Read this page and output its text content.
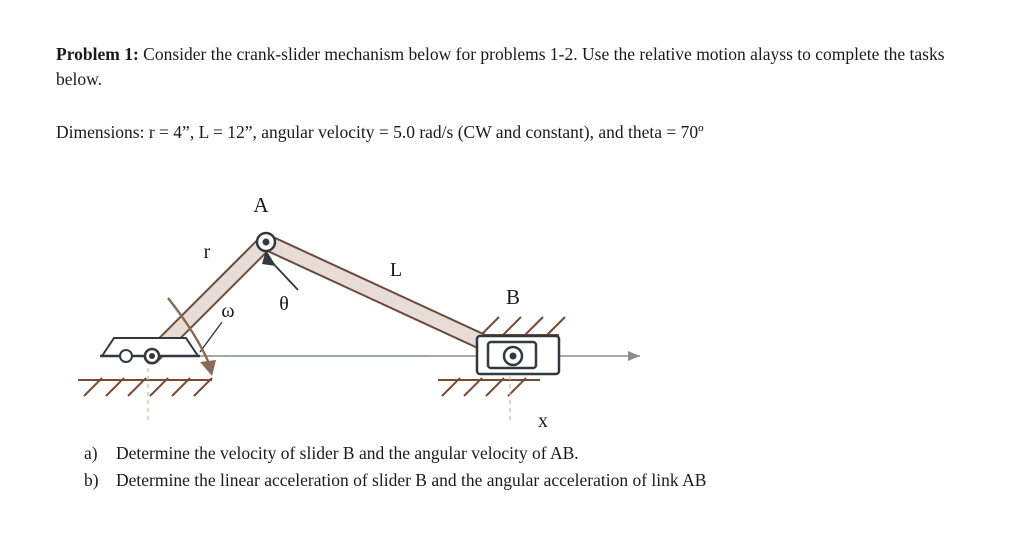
Problem 1: Consider the crank-slider mechanism below for problems 1-2. Use the relative motion alayss to complete the tasks below.
Dimensions: r = 4”, L = 12”, angular velocity = 5.0 rad/s (CW and constant), and theta = 70º
A
B
r
L
ω θ
x
a)	Determine the velocity of slider B and the angular velocity of AB.
b) Determine the linear acceleration of slider B and the angular acceleration of link AB
